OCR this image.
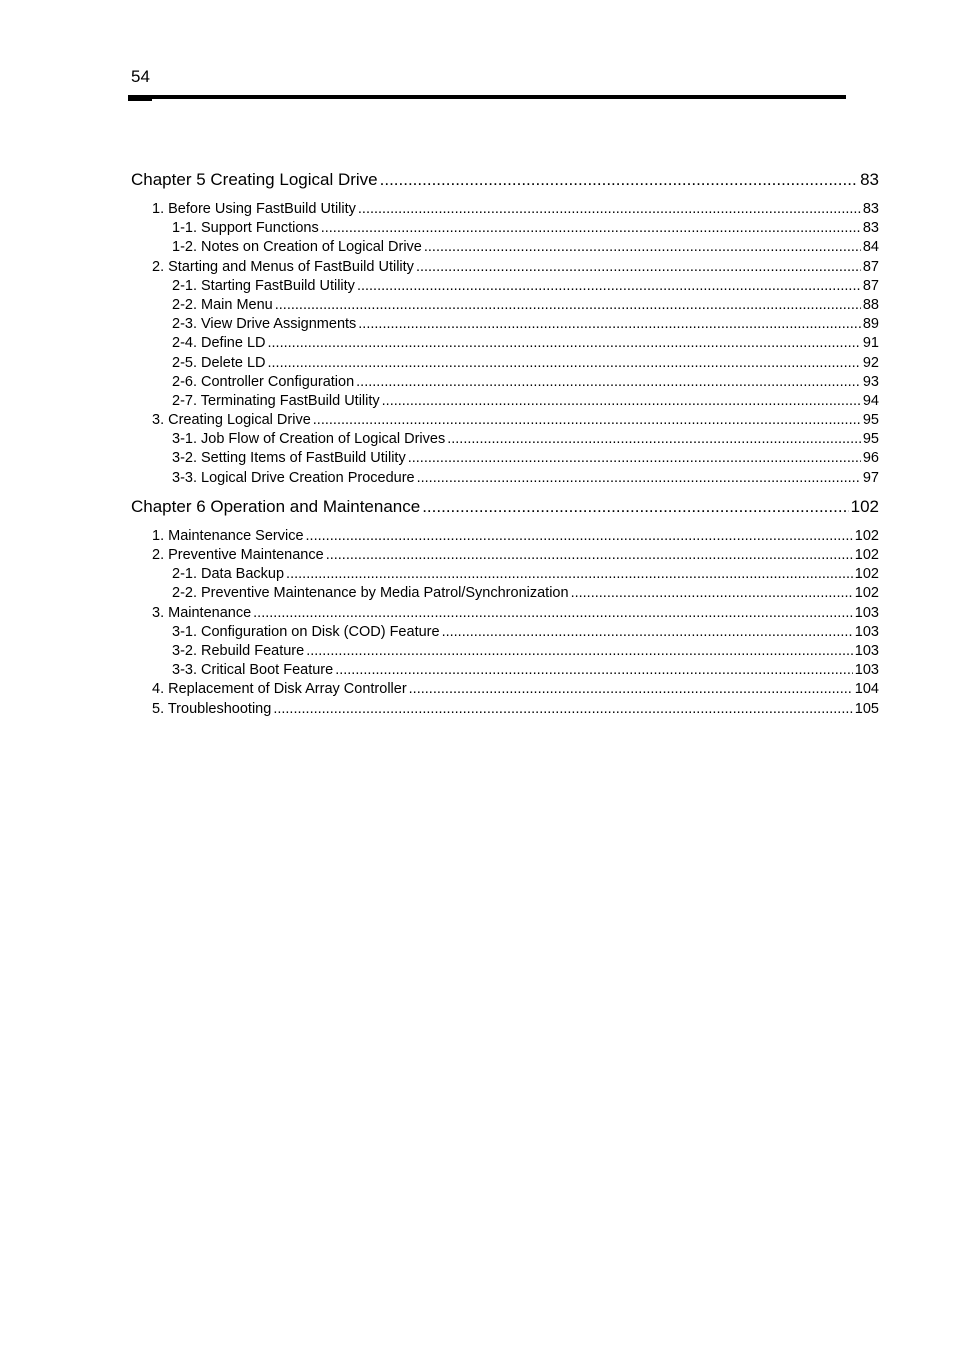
54
Chapter 5 Creating Logical Drive .....	83
1. Before Using FastBuild Utility .....	83
1-1. Support Functions .....	83
1-2. Notes on Creation of Logical Drive .....	84
2. Starting and Menus of FastBuild Utility .....	87
2-1. Starting FastBuild Utility .....	87
2-2. Main Menu .....	88
2-3. View Drive Assignments .....	89
2-4. Define LD .....	91
2-5. Delete LD .....	92
2-6. Controller Configuration .....	93
2-7. Terminating FastBuild Utility .....	94
3. Creating Logical Drive .....	95
3-1. Job Flow of Creation of Logical Drives .....	95
3-2. Setting Items of FastBuild Utility .....	96
3-3. Logical Drive Creation Procedure .....	97
Chapter 6 Operation and Maintenance .....	102
1. Maintenance Service .....	102
2. Preventive Maintenance .....	102
2-1. Data Backup .....	102
2-2. Preventive Maintenance by Media Patrol/Synchronization .....	102
3. Maintenance .....	103
3-1. Configuration on Disk (COD) Feature .....	103
3-2. Rebuild Feature .....	103
3-3. Critical Boot Feature .....	103
4. Replacement of Disk Array Controller .....	104
5. Troubleshooting .....	105
